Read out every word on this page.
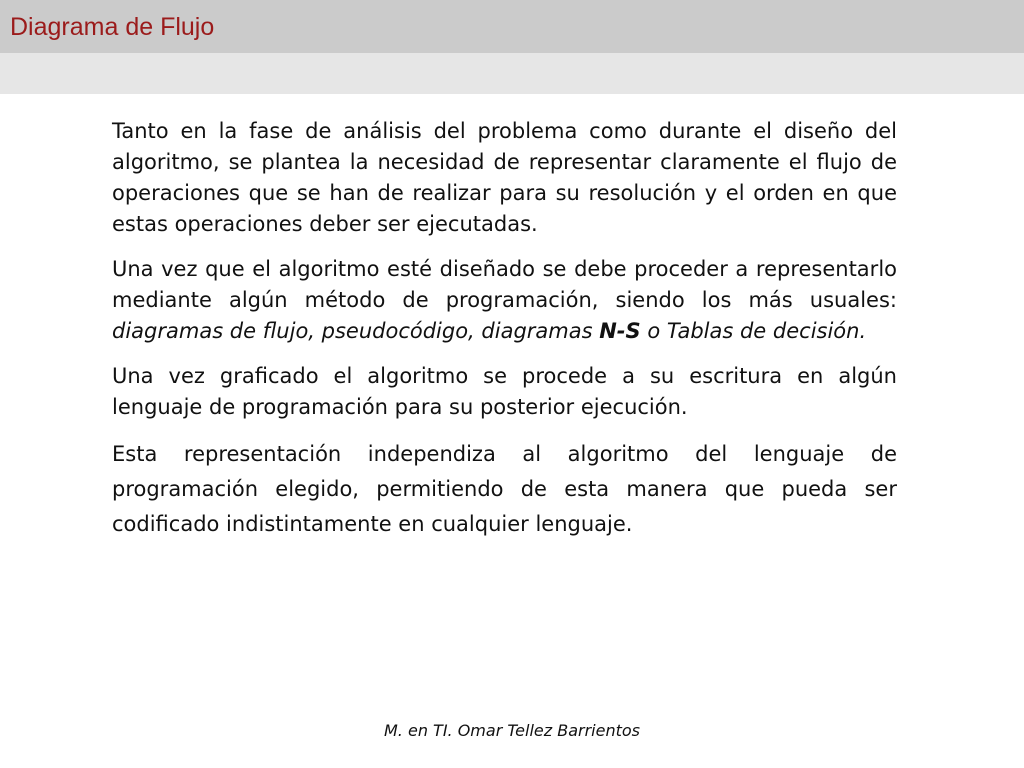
Diagrama de Flujo

Tanto en la fase de análisis del problema como durante el diseño del algoritmo, se plantea la necesidad de representar claramente el flujo de operaciones que se han de realizar para su resolución y el orden en que estas operaciones deber ser ejecutadas.

Una vez que el algoritmo esté diseñado se debe proceder a representarlo mediante algún método de programación, siendo los más usuales: diagramas de flujo, pseudocódigo, diagramas N-S o Tablas de decisión.

Una vez graficado el algoritmo se procede a su escritura en algún lenguaje de programación para su posterior ejecución.

Esta representación independiza al algoritmo del lenguaje de programación elegido, permitiendo de esta manera que pueda ser codificado indistintamente en cualquier lenguaje.

M. en TI. Omar Tellez Barrientos
